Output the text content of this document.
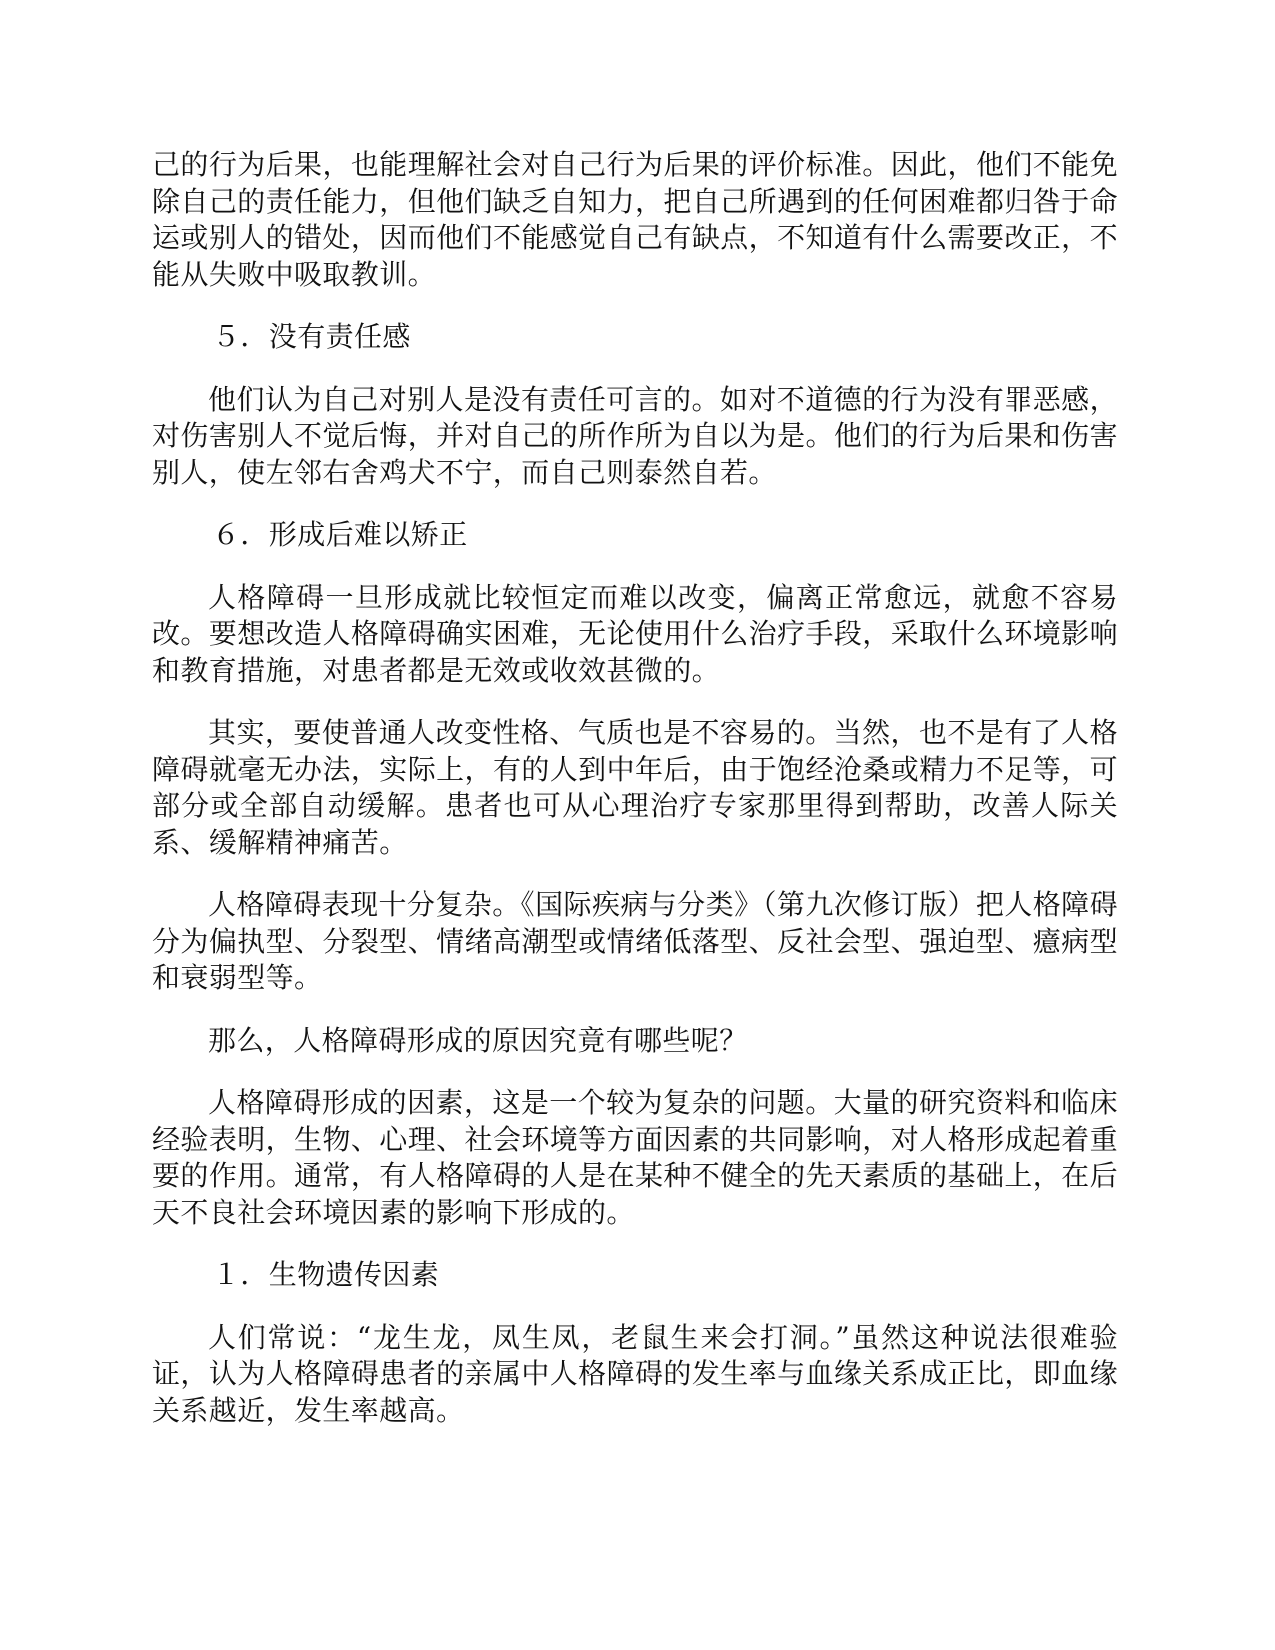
己的行为后果，也能理解社会对自己行为后果的评价标准。因此，他们不能免除自己的责任能力，但他们缺乏自知力，把自己所遇到的任何困难都归咎于命运或别人的错处，因而他们不能感觉自己有缺点，不知道有什么需要改正，不能从失败中吸取教训。

５．没有责任感

他们认为自己对别人是没有责任可言的。如对不道德的行为没有罪恶感，对伤害别人不觉后悔，并对自己的所作所为自以为是。他们的行为后果和伤害别人，使左邻右舍鸡犬不宁，而自己则泰然自若。

６．形成后难以矫正

人格障碍一旦形成就比较恒定而难以改变，偏离正常愈远，就愈不容易改。要想改造人格障碍确实困难，无论使用什么治疗手段，采取什么环境影响和教育措施，对患者都是无效或收效甚微的。

其实，要使普通人改变性格、气质也是不容易的。当然，也不是有了人格障碍就毫无办法，实际上，有的人到中年后，由于饱经沧桑或精力不足等，可部分或全部自动缓解。患者也可从心理治疗专家那里得到帮助，改善人际关系、缓解精神痛苦。

人格障碍表现十分复杂。《国际疾病与分类》（第九次修订版）把人格障碍分为偏执型、分裂型、情绪高潮型或情绪低落型、反社会型、强迫型、癔病型和衰弱型等。

那么，人格障碍形成的原因究竟有哪些呢？

人格障碍形成的因素，这是一个较为复杂的问题。大量的研究资料和临床经验表明，生物、心理、社会环境等方面因素的共同影响，对人格形成起着重要的作用。通常，有人格障碍的人是在某种不健全的先天素质的基础上，在后天不良社会环境因素的影响下形成的。

１．生物遗传因素

人们常说：“龙生龙，凤生凤，老鼠生来会打洞。”虽然这种说法很难验证，认为人格障碍患者的亲属中人格障碍的发生率与血缘关系成正比，即血缘关系越近，发生率越高。
